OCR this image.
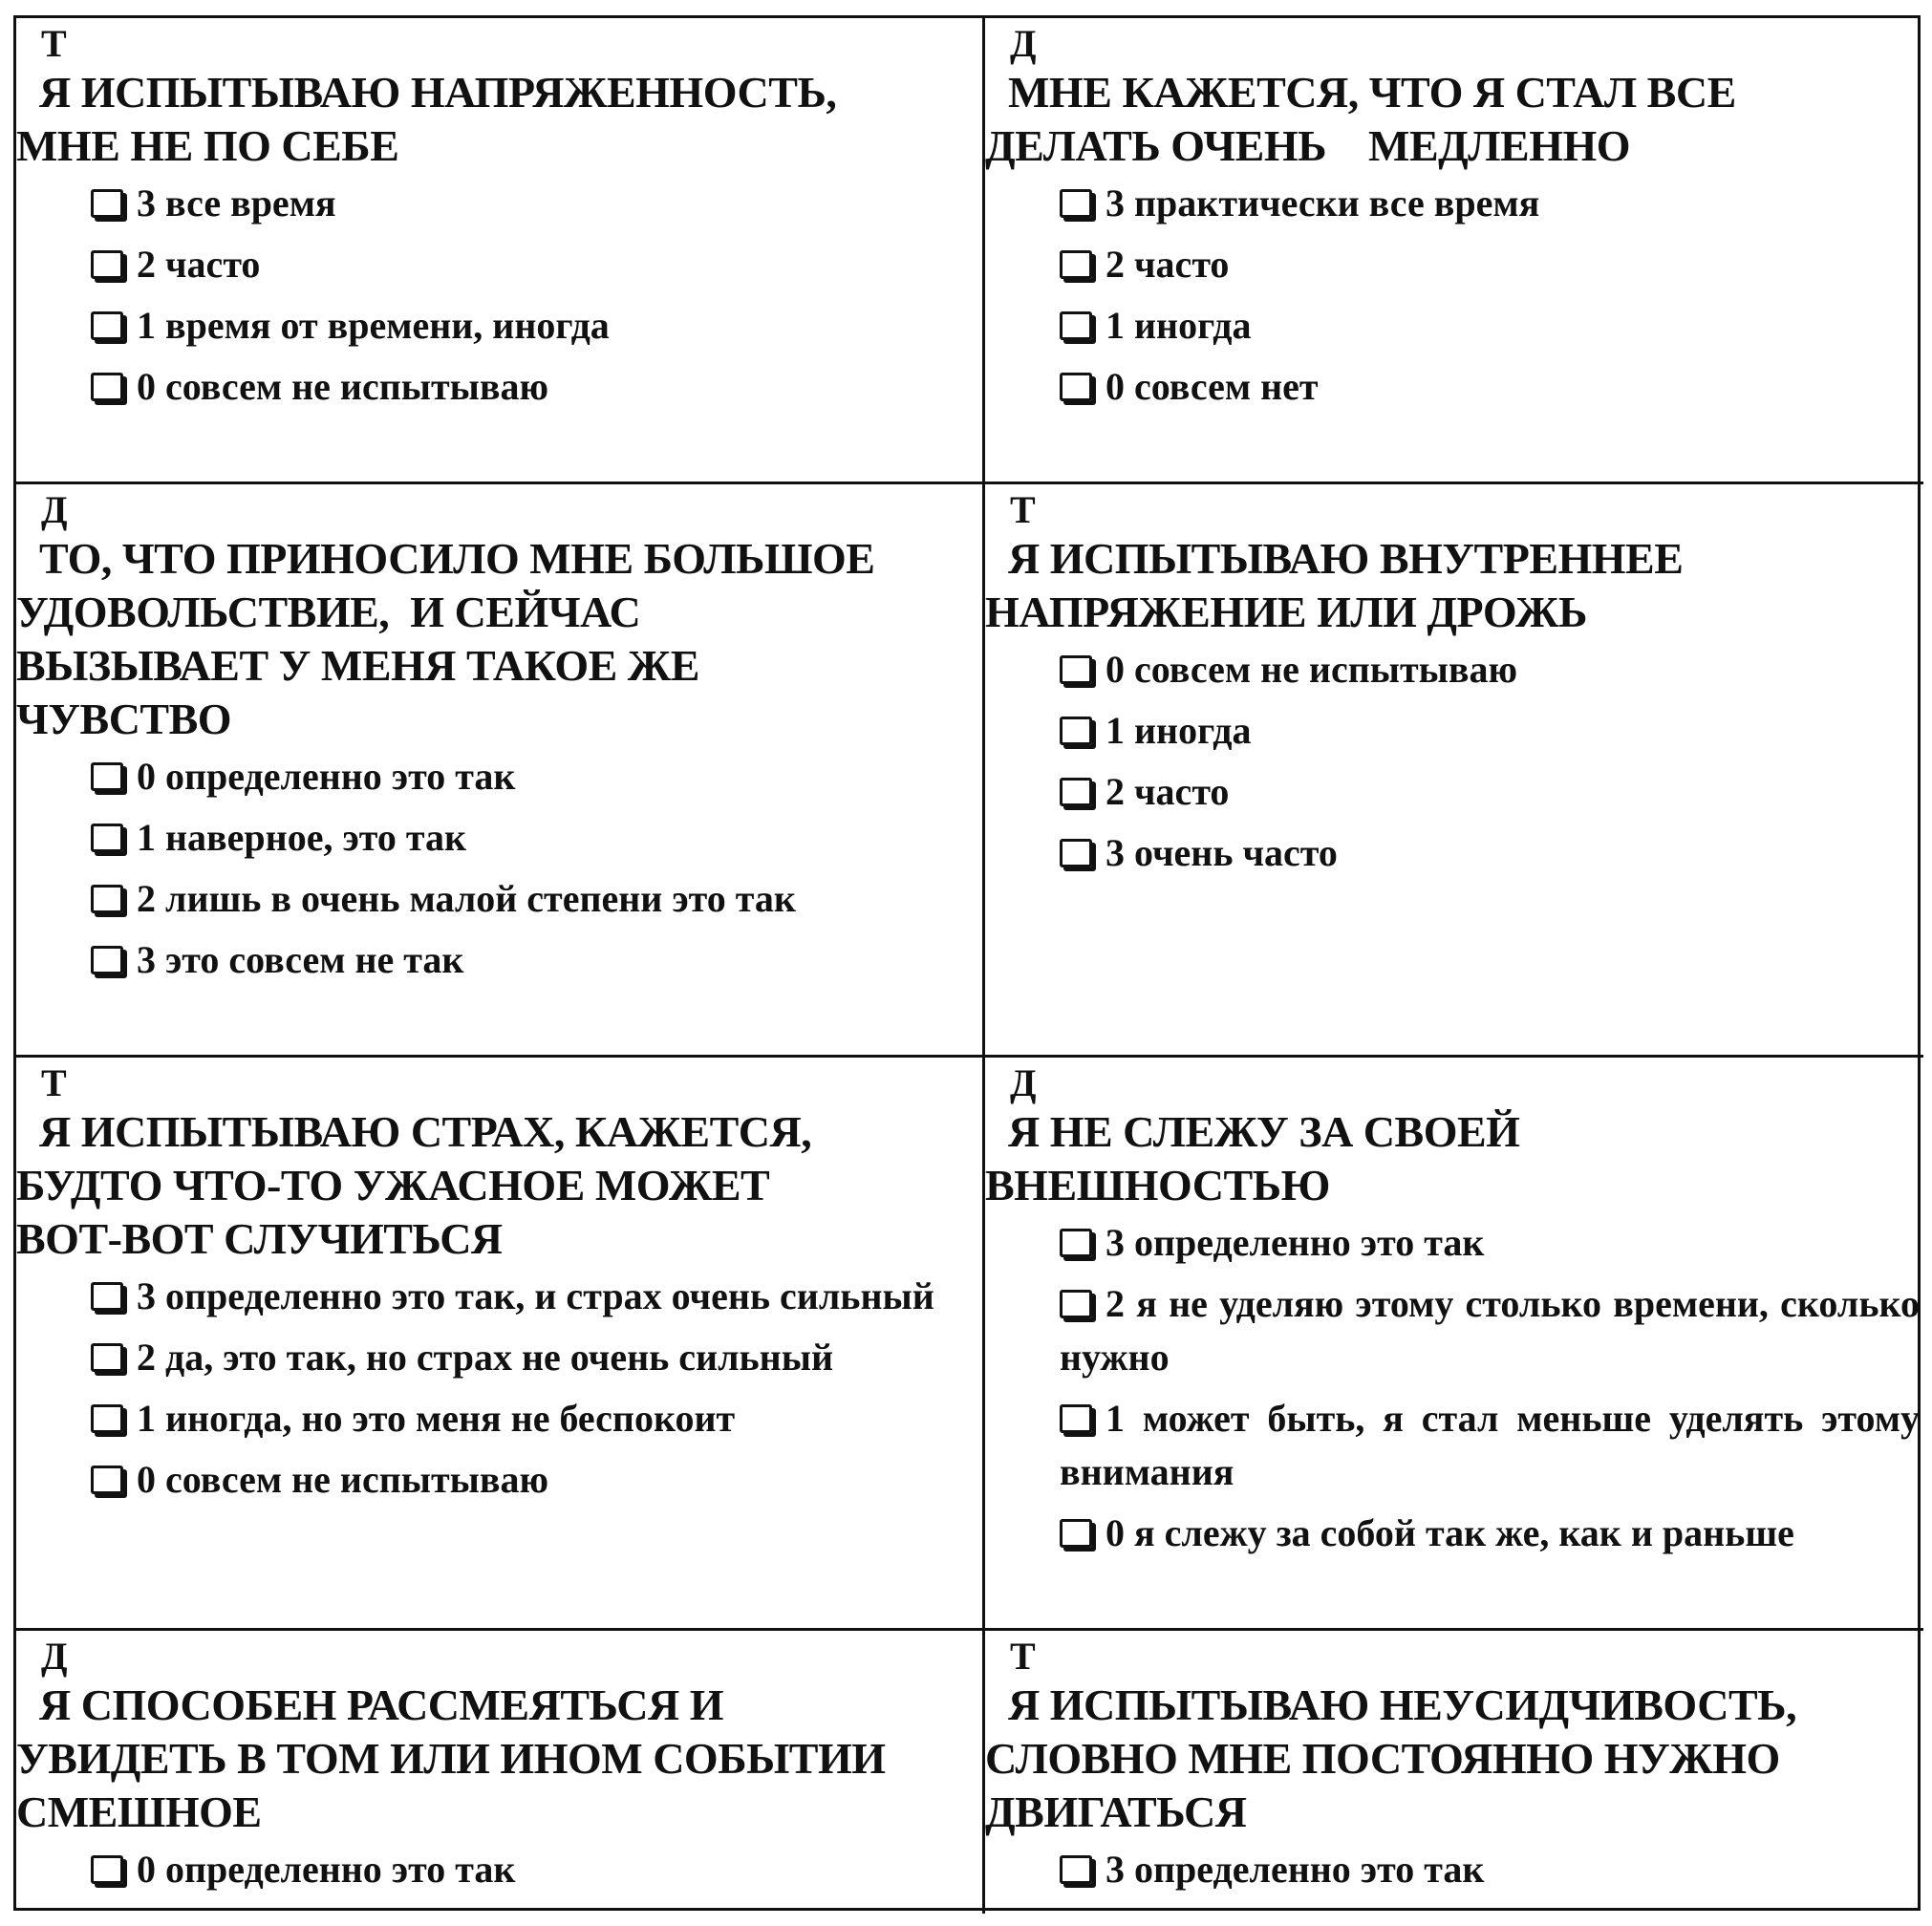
Т
Я ИСПЫТЫВАЮ НАПРЯЖЕННОСТЬ,
МНЕ НЕ ПО СЕБЕ
3 все время
2 часто
1 время от времени, иногда
0 совсем не испытываю
Д
МНЕ КАЖЕТСЯ, ЧТО Я СТАЛ ВСЕ
ДЕЛАТЬ ОЧЕНЬ    МЕДЛЕННО
3 практически все время
2 часто
1 иногда
0 совсем нет
Д
ТО, ЧТО ПРИНОСИЛО МНЕ БОЛЬШОЕ
УДОВОЛЬСТВИЕ,  И СЕЙЧАС
ВЫЗЫВАЕТ У МЕНЯ ТАКОЕ ЖЕ
ЧУВСТВО
0 определенно это так
1 наверное, это так
2 лишь в очень малой степени это так
3 это совсем не так
Т
Я ИСПЫТЫВАЮ ВНУТРЕННЕЕ
НАПРЯЖЕНИЕ ИЛИ ДРОЖЬ
0 совсем не испытываю
1 иногда
2 часто
3 очень часто
Т
Я ИСПЫТЫВАЮ СТРАХ, КАЖЕТСЯ,
БУДТО ЧТО-ТО УЖАСНОЕ МОЖЕТ
ВОТ-ВОТ СЛУЧИТЬСЯ
3 определенно это так, и страх очень сильный
2 да, это так, но страх не очень сильный
1 иногда, но это меня не беспокоит
0 совсем не испытываю
Д
Я НЕ СЛЕЖУ ЗА СВОЕЙ
ВНЕШНОСТЬЮ
3 определенно это так
2 я не уделяю этому столько времени, сколько нужно
1 может быть, я стал меньше уделять этому внимания
0 я слежу за собой так же, как и раньше
Д
Я СПОСОБЕН РАССМЕЯТЬСЯ И
УВИДЕТЬ В ТОМ ИЛИ ИНОМ СОБЫТИИ
СМЕШНОЕ
0 определенно это так
Т
Я ИСПЫТЫВАЮ НЕУСИДЧИВОСТЬ,
СЛОВНО МНЕ ПОСТОЯННО НУЖНО
ДВИГАТЬСЯ
3 определенно это так
